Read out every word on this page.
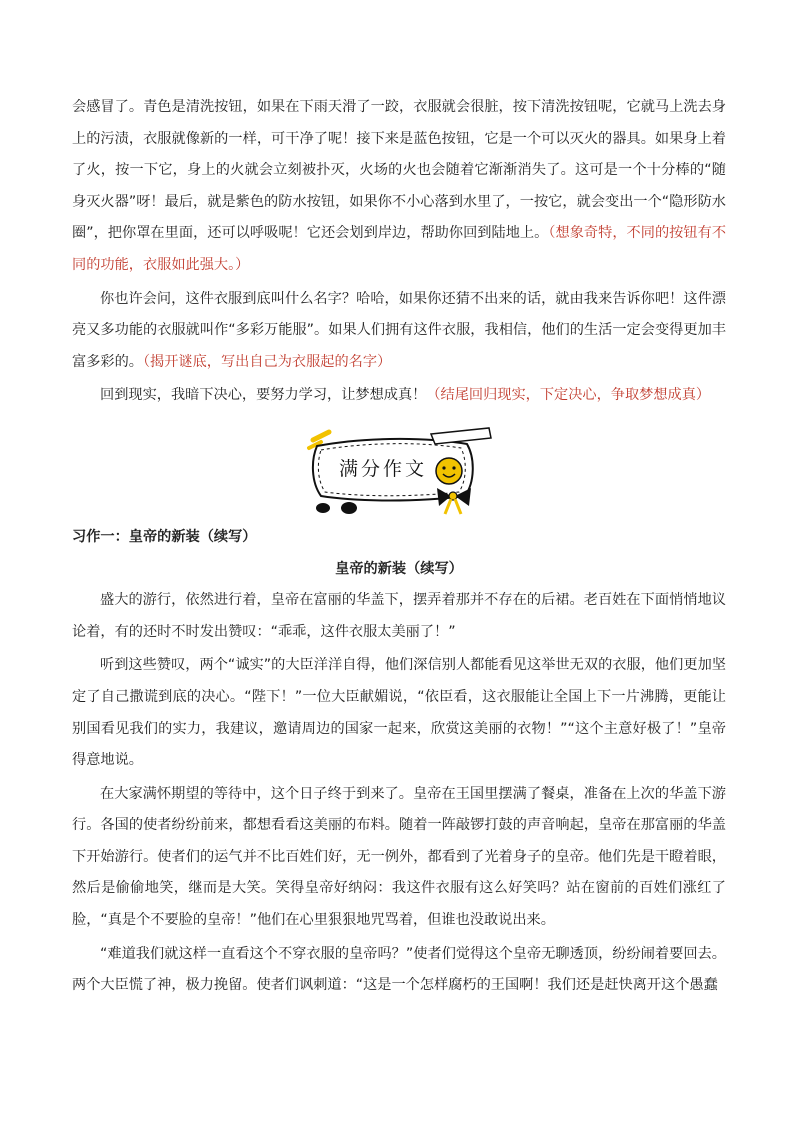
会感冒了。青色是清洗按钮，如果在下雨天滑了一跤，衣服就会很脏，按下清洗按钮呢，它就马上洗去身上的污渍，衣服就像新的一样，可干净了呢！接下来是蓝色按钮，它是一个可以灭火的器具。如果身上着了火，按一下它，身上的火就会立刻被扑灭，火场的火也会随着它渐渐消失了。这可是一个十分棒的“随身灭火器”呀！最后，就是紫色的防水按钮，如果你不小心落到水里了，一按它，就会变出一个“隐形防水圈”，把你罩在里面，还可以呼吸呢！它还会划到岸边，帮助你回到陆地上。（想象奇特，不同的按钮有不同的功能，衣服如此强大。）

你也许会问，这件衣服到底叫什么名字？哈哈，如果你还猜不出来的话，就由我来告诉你吧！这件漂亮又多功能的衣服就叫作“多彩万能服”。如果人们拥有这件衣服，我相信，他们的生活一定会变得更加丰富多彩的。（揭开谜底，写出自己为衣服起的名字）

回到现实，我暗下决心，要努力学习，让梦想成真！（结尾回归现实，下定决心，争取梦想成真）

满分作文
习作一：皇帝的新装（续写）
皇帝的新装（续写）

盛大的游行，依然进行着，皇帝在富丽的华盖下，摆弄着那并不存在的后裙。老百姓在下面悄悄地议论着，有的还时不时发出赞叹：“乖乖，这件衣服太美丽了！”

听到这些赞叹，两个“诚实”的大臣洋洋自得，他们深信别人都能看见这举世无双的衣服，他们更加坚定了自己撒谎到底的决心。“陛下！”一位大臣献媚说，“依臣看，这衣服能让全国上下一片沸腾，更能让别国看见我们的实力，我建议，邀请周边的国家一起来，欣赏这美丽的衣物！”“这个主意好极了！”皇帝得意地说。

在大家满怀期望的等待中，这个日子终于到来了。皇帝在王国里摆满了餐桌，准备在上次的华盖下游行。各国的使者纷纷前来，都想看看这美丽的布料。随着一阵敲锣打鼓的声音响起，皇帝在那富丽的华盖下开始游行。使者们的运气并不比百姓们好，无一例外，都看到了光着身子的皇帝。他们先是干瞪着眼，然后是偷偷地笑，继而是大笑。笑得皇帝好纳闷：我这件衣服有这么好笑吗？站在窗前的百姓们涨红了脸，“真是个不要脸的皇帝！”他们在心里狠狠地咒骂着，但谁也没敢说出来。

“难道我们就这样一直看这个不穿衣服的皇帝吗？”使者们觉得这个皇帝无聊透顶，纷纷闹着要回去。两个大臣慌了神，极力挽留。使者们讽刺道：“这是一个怎样腐朽的王国啊！我们还是赶快离开这个愚蠢
